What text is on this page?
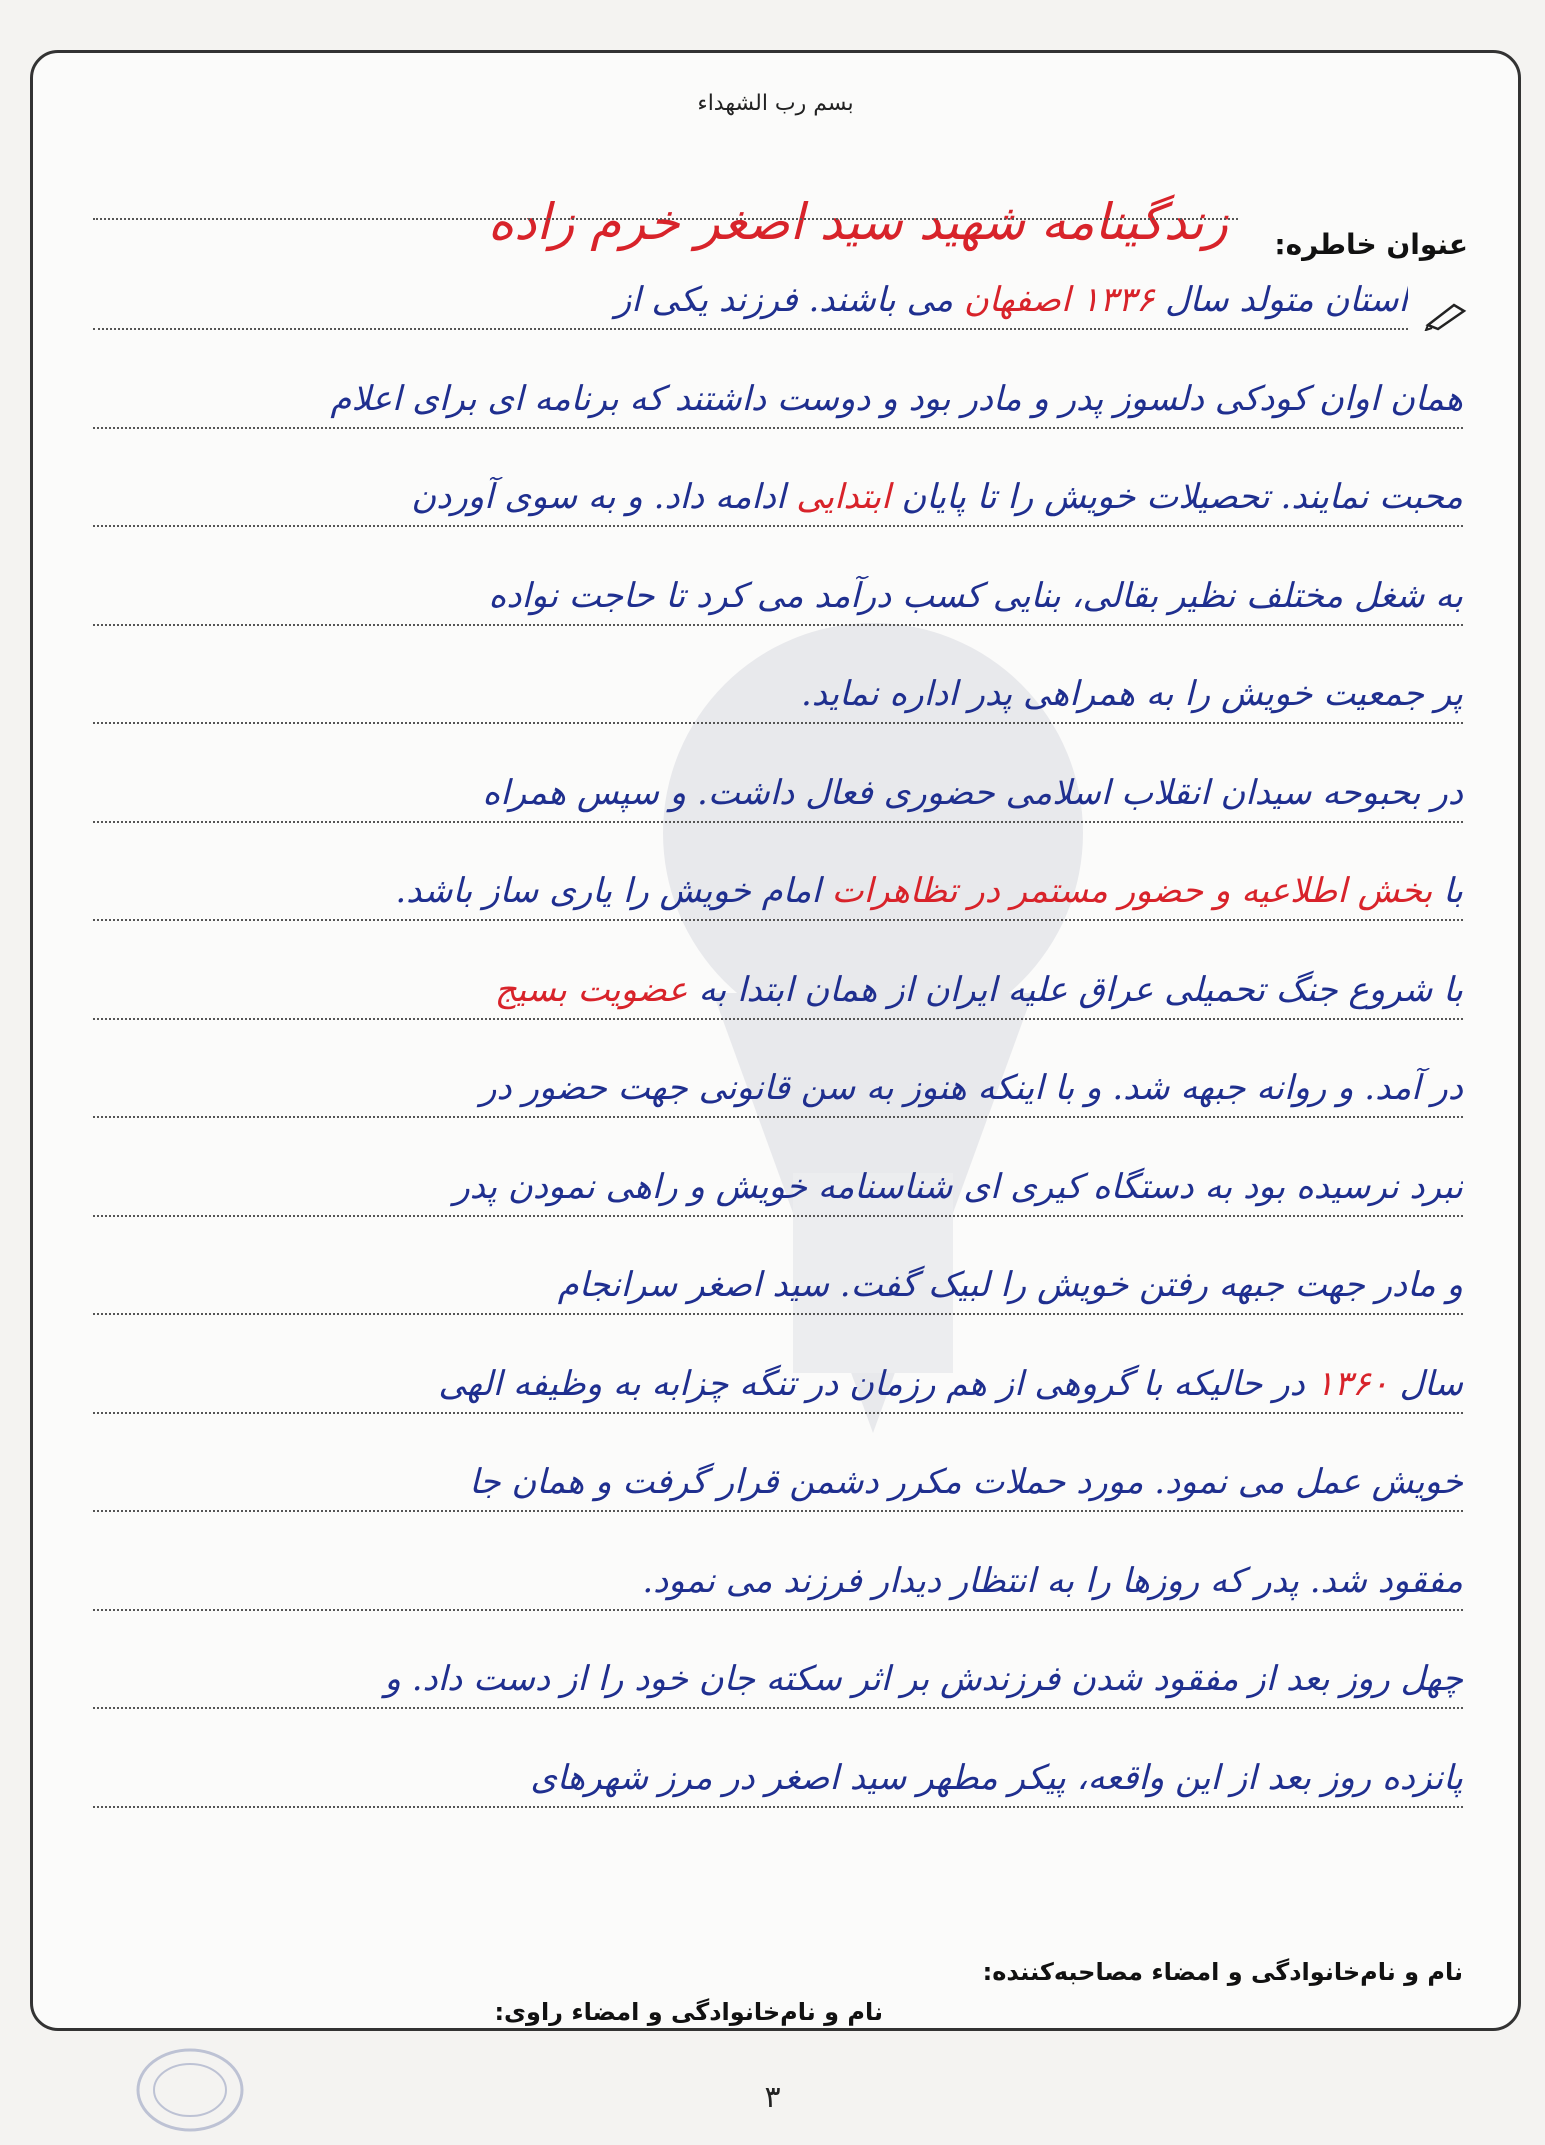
بسم رب الشهداء
عنوان خاطره:
زندگینامه شهید سید اصغر خرم زاده
استان متولد سال ۱۳۳۶ اصفهان می باشند. فرزند یکی از
همان اوان کودکی دلسوز پدر و مادر بود و دوست داشتند که برنامه ای برای اعلام
محبت نمایند. تحصیلات خویش را تا پایان ابتدایی ادامه داد. و به سوی آوردن
به شغل مختلف نظیر بقالی، بنایی کسب درآمد می کرد تا حاجت نواده
پر جمعیت خویش را به همراهی پدر اداره نماید.
در بحبوحه سیدان انقلاب اسلامی حضوری فعال داشت. و سپس همراه
با بخش اطلاعیه و حضور مستمر در تظاهرات امام خویش را یاری ساز باشد.
با شروع جنگ تحمیلی عراق علیه ایران از همان ابتدا به عضویت بسیج
در آمد. و روانه جبهه شد. و با اینکه هنوز به سن قانونی جهت حضور در
نبرد نرسیده بود به دستگاه کیری ای شناسنامه خویش و راهی نمودن پدر
و مادر جهت جبهه رفتن خویش را لبیک گفت. سید اصغر سرانجام
سال ۱۳۶۰ در حالیکه با گروهی از هم رزمان در تنگه چزابه به وظیفه الهی
خویش عمل می نمود. مورد حملات مکرر دشمن قرار گرفت و همان جا
مفقود شد. پدر که روزها را به انتظار دیدار فرزند می نمود.
چهل روز بعد از مفقود شدن فرزندش بر اثر سکته جان خود را از دست داد. و
پانزده روز بعد از این واقعه، پیکر مطهر سید اصغر در مرز شهرهای
نام و نام‌خانوادگی و امضاء مصاحبه‌کننده:
نام و نام‌خانوادگی و امضاء راوی:
۳
